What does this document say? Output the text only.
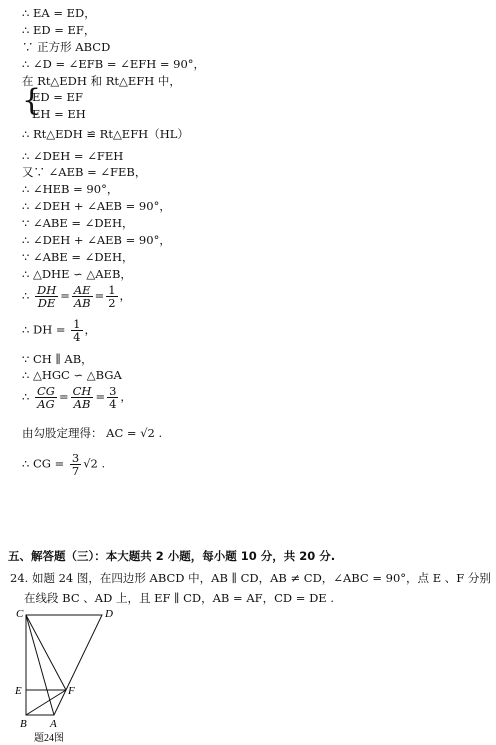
∴ EA = ED，
∴ ED = EF，
∵ 正方形 ABCD
∴ ∠D = ∠EFB = ∠EFH = 90°，
在 Rt△EDH 和 Rt△EFH 中，
{
ED = EF
EH = EH
∴ Rt△EDH ≌ Rt△EFH（HL）
∴ ∠DEH = ∠FEH
又∵ ∠AEB = ∠FEB，
∴ ∠HEB = 90°，
∴ ∠DEH + ∠AEB = 90°，
∵ ∠ABE = ∠DEH，
∴ ∠DEH + ∠AEB = 90°，
∵ ∠ABE = ∠DEH，
∴ △DHE ∽ △AEB，
∴ $\frac{DH}{DE} = \frac{AE}{AB} = \frac{1}{2}$ ，
∴ DH = $\frac{1}{4}$ ，
∵ CH ∥ AB，
∴ △HGC ∽ △BGA
∴ $\frac{CG}{AG} = \frac{CH}{AB} = \frac{3}{4}$ ，
由勾股定理得： AC = √2 .
∴ CG = $\frac{3}{7} √2$ .
五、解答题（三）：本大题共 2 小题，每小题 10 分，共 20 分.
24. 如题 24 图，在四边形 ABCD 中，AB ∥ CD，AB ≠ CD，∠ABC = 90°，点 E 、F 分别
在线段 BC 、AD 上，且 EF ∥ CD，AB = AF，CD = DE .
C	D
E	F
B A
题24图
